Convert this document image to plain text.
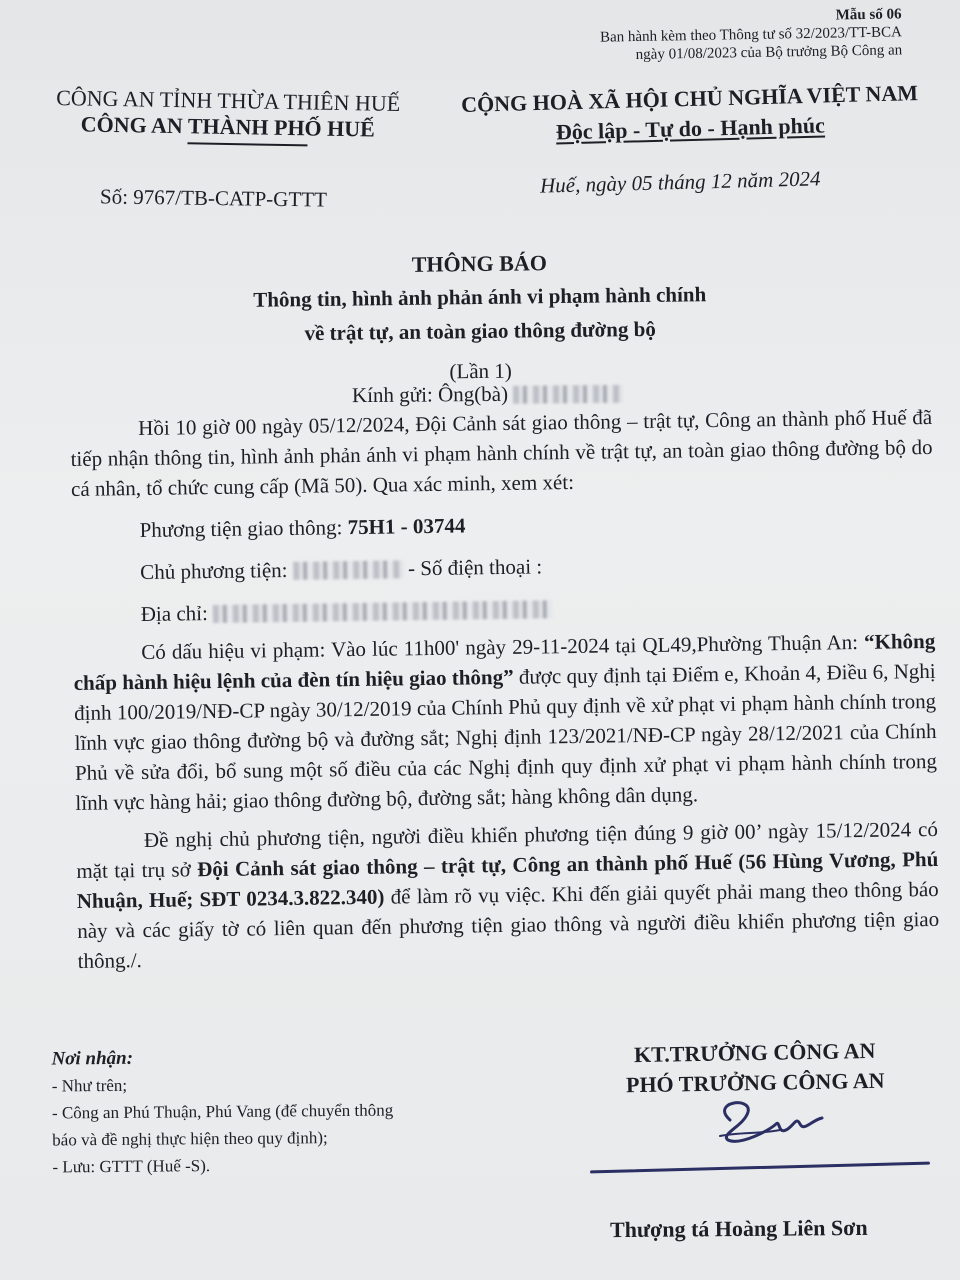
Mẫu số 06
Ban hành kèm theo Thông tư số 32/2023/TT-BCA
ngày 01/08/2023 của Bộ trưởng Bộ Công an
CÔNG AN TỈNH THỪA THIÊN HUẾ
CÔNG AN THÀNH PHỐ HUẾ
CỘNG HOÀ XÃ HỘI CHỦ NGHĨA VIỆT NAM
Độc lập - Tự do - Hạnh phúc
Số: 9767/TB-CATP-GTTT
Huế, ngày 05 tháng 12 năm 2024
THÔNG BÁO
Thông tin, hình ảnh phản ánh vi phạm hành chính
về trật tự, an toàn giao thông đường bộ
(Lần 1)
Kính gửi: Ông(bà)

Hồi 10 giờ 00 ngày 05/12/2024, Đội Cảnh sát giao thông – trật tự, Công an thành phố Huế đã tiếp nhận thông tin, hình ảnh phản ánh vi phạm hành chính về trật tự, an toàn giao thông đường bộ do cá nhân, tổ chức cung cấp (Mã 50). Qua xác minh, xem xét:

Phương tiện giao thông: 75H1 - 03744

Chủ phương tiện:	- Số điện thoại :

Địa chỉ:

Có dấu hiệu vi phạm: Vào lúc 11h00' ngày 29-11-2024 tại QL49,Phường Thuận An: “Không chấp hành hiệu lệnh của đèn tín hiệu giao thông” được quy định tại Điểm e, Khoản 4, Điều 6, Nghị định 100/2019/NĐ-CP ngày 30/12/2019 của Chính Phủ quy định về xử phạt vi phạm hành chính trong lĩnh vực giao thông đường bộ và đường sắt; Nghị định 123/2021/NĐ-CP ngày 28/12/2021 của Chính Phủ về sửa đổi, bổ sung một số điều của các Nghị định quy định xử phạt vi phạm hành chính trong lĩnh vực hàng hải; giao thông đường bộ, đường sắt; hàng không dân dụng.

Đề nghị chủ phương tiện, người điều khiển phương tiện đúng 9 giờ 00’ ngày 15/12/2024 có mặt tại trụ sở Đội Cảnh sát giao thông – trật tự, Công an thành phố Huế (56 Hùng Vương, Phú Nhuận, Huế; SĐT 0234.3.822.340) để làm rõ vụ việc. Khi đến giải quyết phải mang theo thông báo này và các giấy tờ có liên quan đến phương tiện giao thông và người điều khiển phương tiện giao thông./.

Nơi nhận:
- Như trên;
- Công an Phú Thuận, Phú Vang (để chuyển thông
báo và đề nghị thực hiện theo quy định);
- Lưu: GTTT (Huế -S).
KT.TRƯỞNG CÔNG AN
PHÓ TRƯỞNG CÔNG AN
Thượng tá Hoàng Liên Sơn
